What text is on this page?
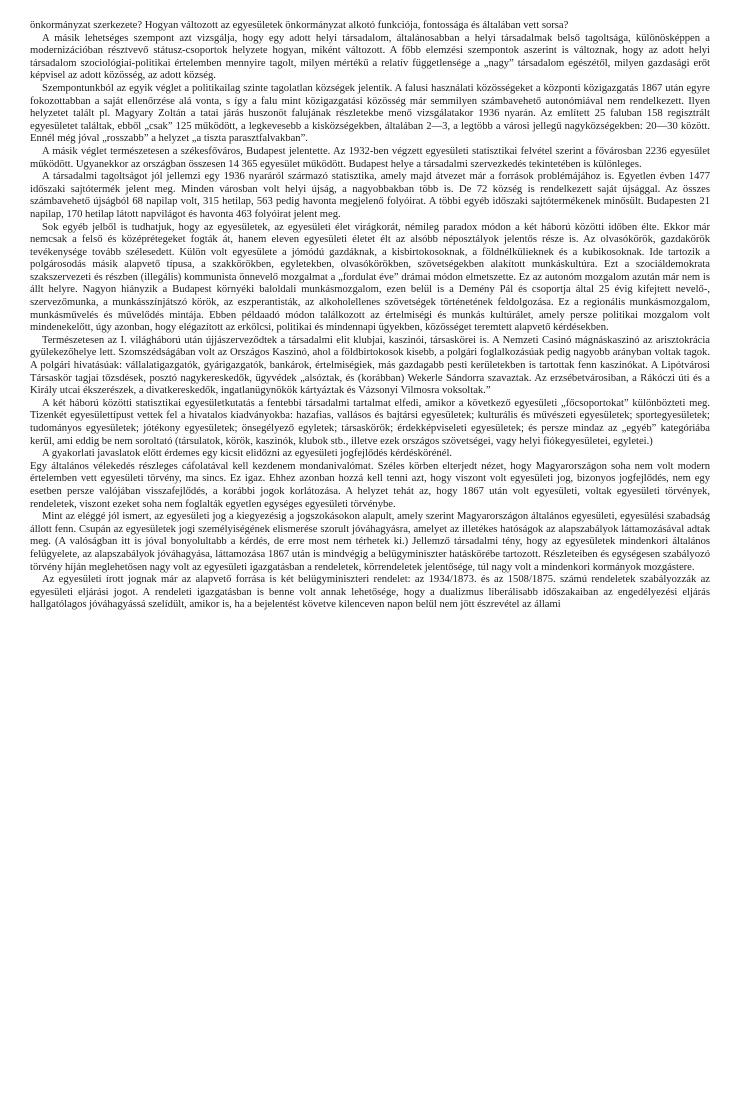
önkormányzat szerkezete? Hogyan változott az egyesületek önkormányzat alkotó funkciója, fontossága és általában vett sorsa?

A másik lehetséges szempont azt vizsgálja, hogy egy adott helyi társadalom, általánosabban a helyi társadalmak belső tagoltsága, különösképpen a modernizációban résztvevő státusz-csoportok helyzete hogyan, miként változott. A főbb elemzési szempontok aszerint is változnak, hogy az adott helyi társadalom szociológiai-politikai értelemben mennyire tagolt, milyen mértékű a relatív függetlensége a „nagy” társadalom egészétől, milyen gazdasági erőt képvisel az adott közösség, az adott község.

Szempontunkból az egyik véglet a politikailag szinte tagolatlan községek jelentik. A falusi használati közösségeket a központi közigazgatás 1867 után egyre fokozottabban a saját ellenőrzése alá vonta, s így a falu mint közigazgatási közösség már semmilyen számbavehető autonómiával nem rendelkezett. Ilyen helyzetet talált pl. Magyary Zoltán a tatai járás huszonöt falujának részletekbe menő vizsgálatakor 1936 nyarán. Az említett 25 faluban 158 regisztrált egyesületet találtak, ebből „csak” 125 működött, a legkevesebb a kisközségekben, általában 2—3, a legtöbb a városi jellegű nagyközségekben: 20—30 között. Ennél még jóval „rosszabb” a helyzet „a tiszta parasztfalvakban”.

A másik véglet természetesen a székesfőváros, Budapest jelentette. Az 1932-ben végzett egyesületi statisztikai felvétel szerint a fővárosban 2236 egyesület működött. Ugyanekkor az országban összesen 14 365 egyesület működött. Budapest helye a társadalmi szervezkedés tekintetében is különleges.

A társadalmi tagoltságot jól jellemzi egy 1936 nyaráról származó statisztika, amely majd átvezet már a források problémájához is. Egyetlen évben 1477 időszaki sajtótermék jelent meg. Minden városban volt helyi újság, a nagyobbakban több is. De 72 község is rendelkezett saját újsággal. Az összes számbavehető újságból 68 napilap volt, 315 hetilap, 563 pedig havonta megjelenő folyóirat. A többi egyéb időszaki sajtótermékenek minősült. Budapesten 21 napilap, 170 hetilap látott napvilágot és havonta 463 folyóirat jelent meg.

Sok egyéb jelből is tudhatjuk, hogy az egyesületek, az egyesületi élet virágkorát, némileg paradox módon a két háború közötti időben élte. Ekkor már nemcsak a felső és középrétegeket fogták át, hanem eleven egyesületi életet élt az alsóbb néposztályok jelentős része is. Az olvasókörök, gazdakörök tevékenysége tovább szélesedett. Külön volt egyesülete a jómódú gazdáknak, a kisbirtokosoknak, a földnélkülieknek és a kubikosoknak. Ide tartozik a polgárosodás másik alapvető típusa, a szakkörökben, egyletekben, olvasókörökben, szövetségekben alakított munkáskultúra. Ezt a szociáldemokrata szakszervezeti és részben (illegális) kommunista önnevelő mozgalmat a „fordulat éve” drámai módon elmetszette. Ez az autonóm mozgalom azután már nem is állt helyre. Nagyon hiányzik a Budapest környéki baloldali munkásmozgalom, ezen belül is a Demény Pál és csoportja által 25 évig kifejtett nevelő-, szervezőmunka, a munkásszínjátszó körök, az eszperantisták, az alkoholellenes szövetségek történetének feldolgozása. Ez a regionális munkásmozgalom, munkásművelés és művelődés mintája. Ebben példaadó módon találkozott az értelmiségi és munkás kultúrálet, amely persze politikai mozgalom volt mindenekelőtt, úgy azonban, hogy elégazított az erkölcsi, politikai és mindennapi ügyekben, közösséget teremtett alapvető kérdésekben.

Természetesen az I. világháború után újjászerveződtek a társadalmi elit klubjai, kaszinói, társaskörei is. A Nemzeti Casinó mágnáskaszinó az arisztokrácia gyülekezőhelye lett. Szomszédságában volt az Országos Kaszinó, ahol a földbirtokosok kisebb, a polgári foglalkozásúak pedig nagyobb arányban voltak tagok. A polgári hivatásúak: vállalatigazgatók, gyárigazgatók, bankárok, értelmiségiek, más gazdagabb pesti kerületekben is tartottak fenn kaszinókat. A Lipótvárosi Társaskör tagjai tőzsdések, posztó nagykereskedők, ügyvédek „alsóztak, és (korábban) Wekerle Sándorra szavaztak. Az erzsébetvárosiban, a Rákóczi úti és a Király utcai ékszerészek, a divatkereskedők, ingatlanügynökök kártyáztak és Vázsonyi Vilmosra voksoltak.”

A két háború közötti statisztikai egyesületkutatás a fentebbi társadalmi tartalmat elfedi, amikor a következő egyesületi „főcsoportokat” különbözteti meg. Tizenkét egyesülettípust vettek fel a hivatalos kiadványokba: hazafias, vallásos és bajtársi egyesületek; kulturális és művészeti egyesületek; sportegyesületek; tudományos egyesületek; jótékony egyesületek; önsegélyező egyletek; társaskörök; érdekképviseleti egyesületek; és persze mindaz az „egyéb” kategóriába kerül, ami eddig be nem soroltató (társulatok, körök, kaszinók, klubok stb., illetve ezek országos szövetségei, vagy helyi fiókegyesületei, egyletei.)

A gyakorlati javaslatok előtt érdemes egy kicsit elidőzni az egyesületi jogfejlődés kérdéskörénél.

Egy általános vélekedés részleges cáfolatával kell kezdenem mondanivalómat. Széles körben elterjedt nézet, hogy Magyarországon soha nem volt modern értelemben vett egyesületi törvény, ma sincs. Ez igaz. Ehhez azonban hozzá kell tenni azt, hogy viszont volt egyesületi jog, bizonyos jogfejlődés, nem egy esetben persze valójában visszafejlődés, a korábbi jogok korlátozása. A helyzet tehát az, hogy 1867 után volt egyesületi, voltak egyesületi törvények, rendeletek, viszont ezeket soha nem foglalták egyetlen egységes egyesületi törvénybe.

Mint az eléggé jól ismert, az egyesületi jog a kiegyezésig a jogszokásokon alapult, amely szerint Magyarországon általános egyesületi, egyesülési szabadság állott fenn. Csupán az egyesületek jogi személyiségének elismerése szorult jóváhagyásra, amelyet az illetékes hatóságok az alapszabályok láttamozásával adtak meg. (A valóságban itt is jóval bonyolultabb a kérdés, de erre most nem térhetek ki.) Jellemző társadalmi tény, hogy az egyesületek mindenkori általános felügyelete, az alapszabályok jóváhagyása, láttamozása 1867 után is mindvégig a belügyminiszter hatáskörébe tartozott. Részleteiben és egységesen szabályozó törvény híján meglehetősen nagy volt az egyesületi igazgatásban a rendeletek, körrendeletek jelentősége, túl nagy volt a mindenkori kormányok mozgástere.

Az egyesületi írott jognak már az alapvető forrása is két belügyminiszteri rendelet: az 1934/1873. és az 1508/1875. számú rendeletek szabályozzák az egyesületi eljárási jogot. A rendeleti igazgatásban is benne volt annak lehetősége, hogy a dualizmus liberálisabb időszakaiban az engedélyezési eljárás hallgatólagos jóváhagyássá szelídült, amikor is, ha a bejelentést követve kilenceven napon belül nem jött észrevétel az állami
